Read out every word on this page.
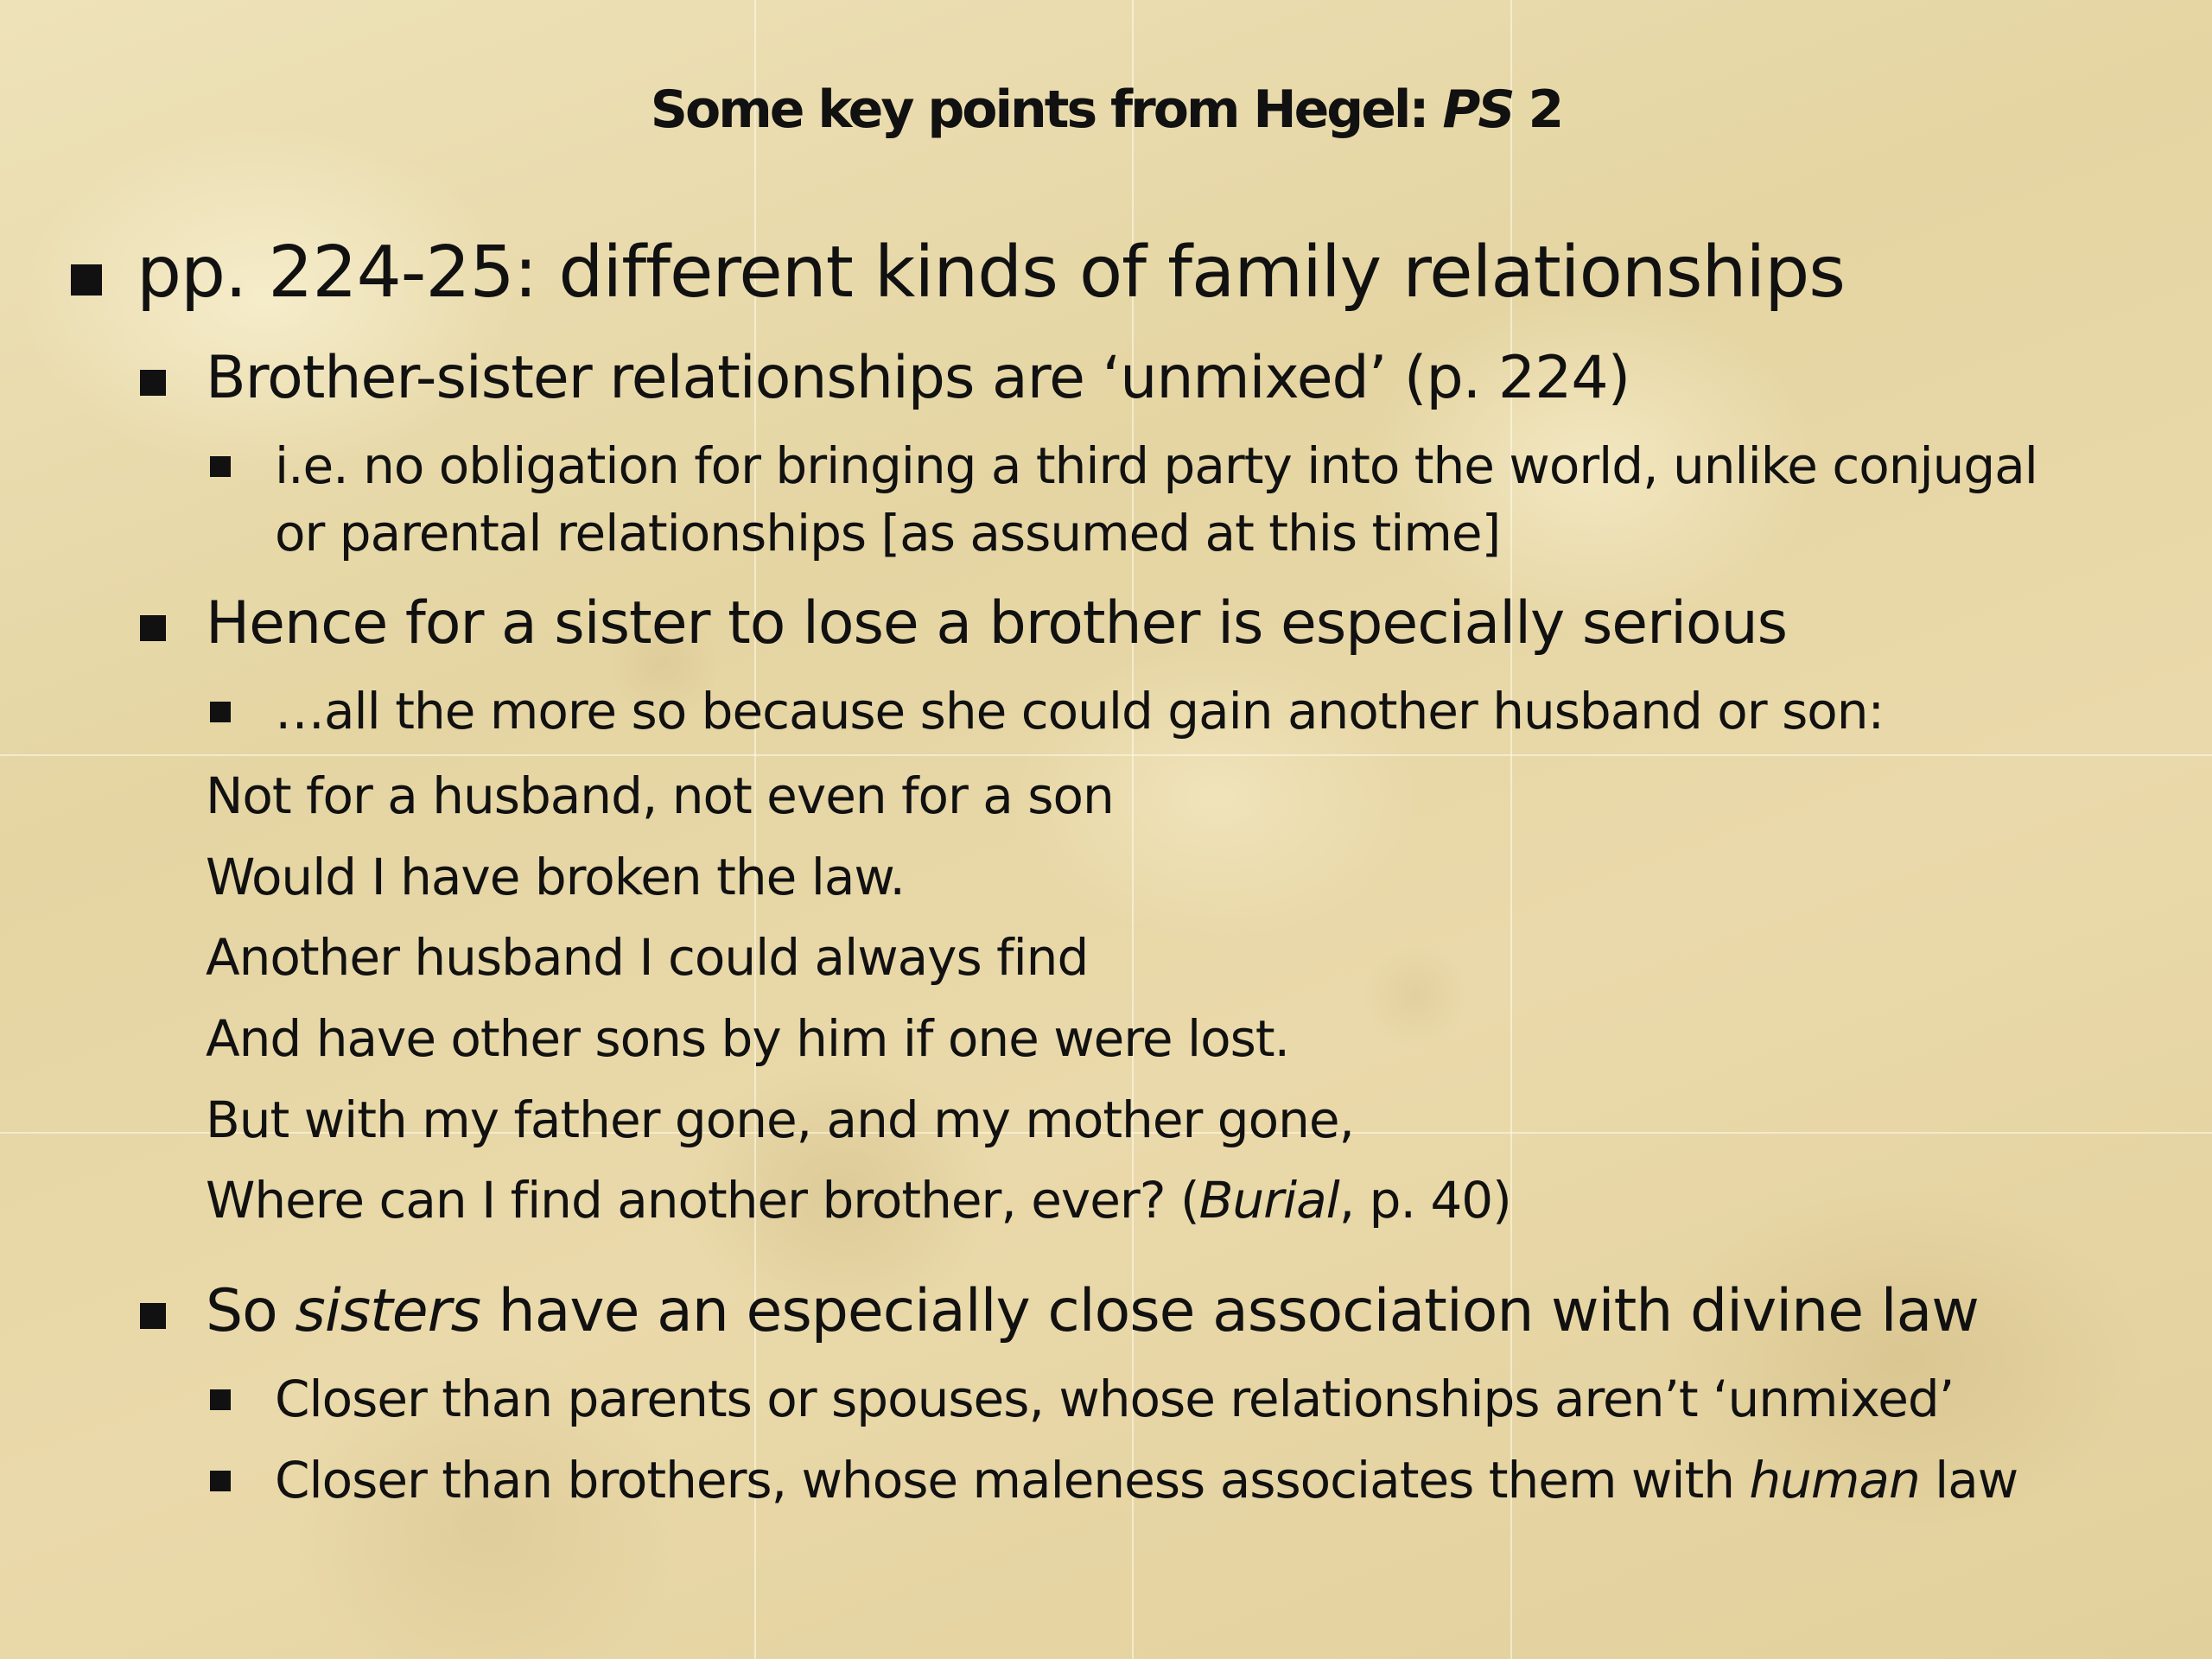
Some key points from Hegel: PS 2
pp. 224-25: different kinds of family relationships
Brother-sister relationships are ‘unmixed’ (p. 224)
i.e. no obligation for bringing a third party into the world, unlike conjugal
or parental relationships [as assumed at this time]
Hence for a sister to lose a brother is especially serious
…all the more so because she could gain another husband or son:
Not for a husband, not even for a son
Would I have broken the law.
Another husband I could always find
And have other sons by him if one were lost.
But with my father gone, and my mother gone,
Where can I find another brother, ever? (Burial, p. 40)
So sisters have an especially close association with divine law
Closer than parents or spouses, whose relationships aren’t ‘unmixed’
Closer than brothers, whose maleness associates them with human law
